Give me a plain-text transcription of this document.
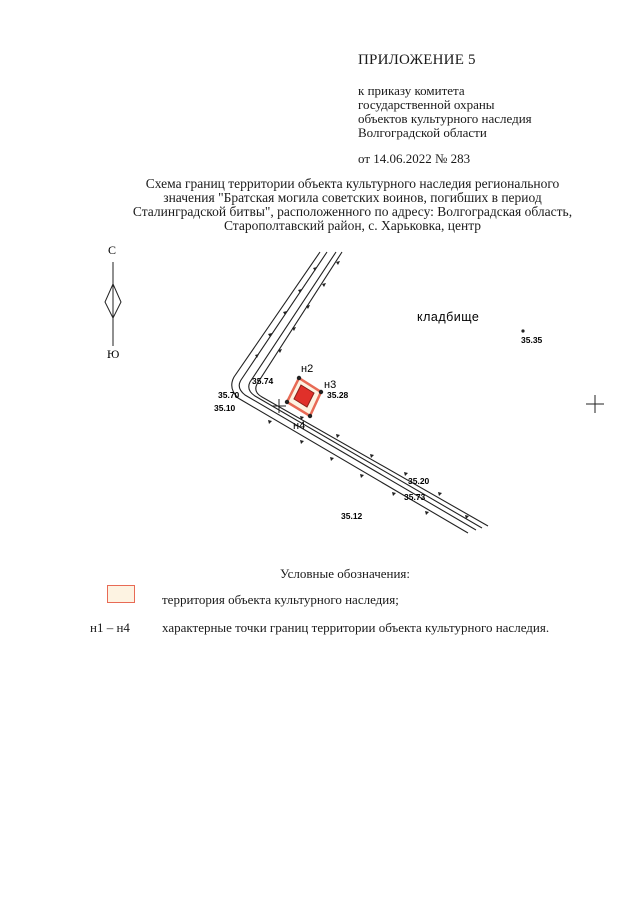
ПРИЛОЖЕНИЕ 5
к приказу комитета
государственной охраны
объектов культурного наследия
Волгоградской области
от 14.06.2022 № 283
Схема границ территории объекта культурного наследия регионального
значения "Братская могила советских воинов, погибших в период
Сталинградской битвы", расположенного по адресу: Волгоградская область,
Старополтавский район, с. Харьковка, центр
С
Ю
кладбище
н2
н3
н4
35.35
35.74
35.70
35.10
35.28
35.20
35.73
35.12
Условные обозначения:
территория объекта культурного наследия;
н1 – н4 характерные точки границ территории объекта культурного наследия.
